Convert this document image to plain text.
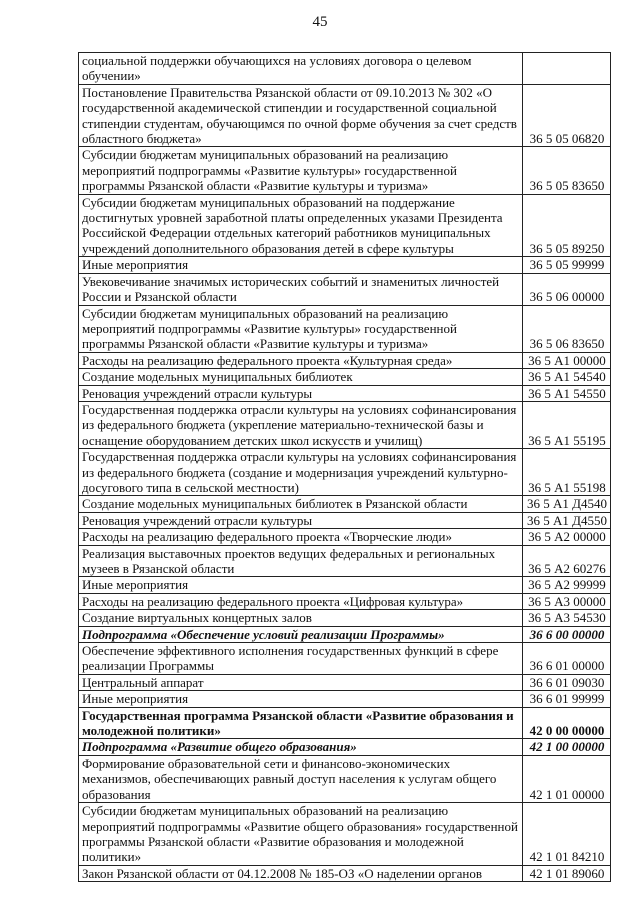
45
социальной поддержки обучающихся на условиях договора о целевом обучении»	
Постановление Правительства Рязанской области от 09.10.2013 № 302 «О государственной академической стипендии и государственной социальной стипендии студентам, обучающимся по очной форме обучения за счет средств областного бюджета»	36 5 05 06820
Субсидии бюджетам муниципальных образований на реализацию мероприятий подпрограммы «Развитие культуры» государственной программы Рязанской области «Развитие культуры и туризма»	36 5 05 83650
Субсидии бюджетам муниципальных образований на поддержание достигнутых уровней заработной платы определенных указами Президента Российской Федерации отдельных категорий работников муниципальных учреждений дополнительного образования детей в сфере культуры	36 5 05 89250
Иные мероприятия	36 5 05 99999
Увековечивание значимых исторических событий и знаменитых личностей России и Рязанской области	36 5 06 00000
Субсидии бюджетам муниципальных образований на реализацию мероприятий подпрограммы «Развитие культуры» государственной программы Рязанской области «Развитие культуры и туризма»	36 5 06 83650
Расходы на реализацию федерального проекта «Культурная среда»	36 5 А1 00000
Создание модельных муниципальных библиотек	36 5 А1 54540
Реновация учреждений отрасли культуры	36 5 А1 54550
Государственная поддержка отрасли культуры на условиях софинансирования из федерального бюджета (укрепление материально-технической базы и оснащение оборудованием детских школ искусств и училищ)	36 5 А1 55195
Государственная поддержка отрасли культуры на условиях софинансирования из федерального бюджета (создание и модернизация учреждений культурно-досугового типа в сельской местности)	36 5 А1 55198
Создание модельных муниципальных библиотек в Рязанской области	36 5 А1 Д4540
Реновация учреждений отрасли культуры	36 5 А1 Д4550
Расходы на реализацию федерального проекта «Творческие люди»	36 5 А2 00000
Реализация выставочных проектов ведущих федеральных и региональных музеев в Рязанской области	36 5 А2 60276
Иные мероприятия	36 5 А2 99999
Расходы на реализацию федерального проекта «Цифровая культура»	36 5 А3 00000
Создание виртуальных концертных залов	36 5 А3 54530
Подпрограмма «Обеспечение условий реализации Программы»	36 6 00 00000
Обеспечение эффективного исполнения государственных функций в сфере реализации Программы	36 6 01 00000
Центральный аппарат	36 6 01 09030
Иные мероприятия	36 6 01 99999
Государственная программа Рязанской области «Развитие образования и молодежной политики»	42 0 00 00000
Подпрограмма «Развитие общего образования»	42 1 00 00000
Формирование образовательной сети и финансово-экономических механизмов, обеспечивающих равный доступ населения к услугам общего образования	42 1 01 00000
Субсидии бюджетам муниципальных образований на реализацию мероприятий подпрограммы «Развитие общего образования» государственной программы Рязанской области «Развитие образования и молодежной политики»	42 1 01 84210
Закон Рязанской области от 04.12.2008 № 185-ОЗ «О наделении органов	42 1 01 89060
